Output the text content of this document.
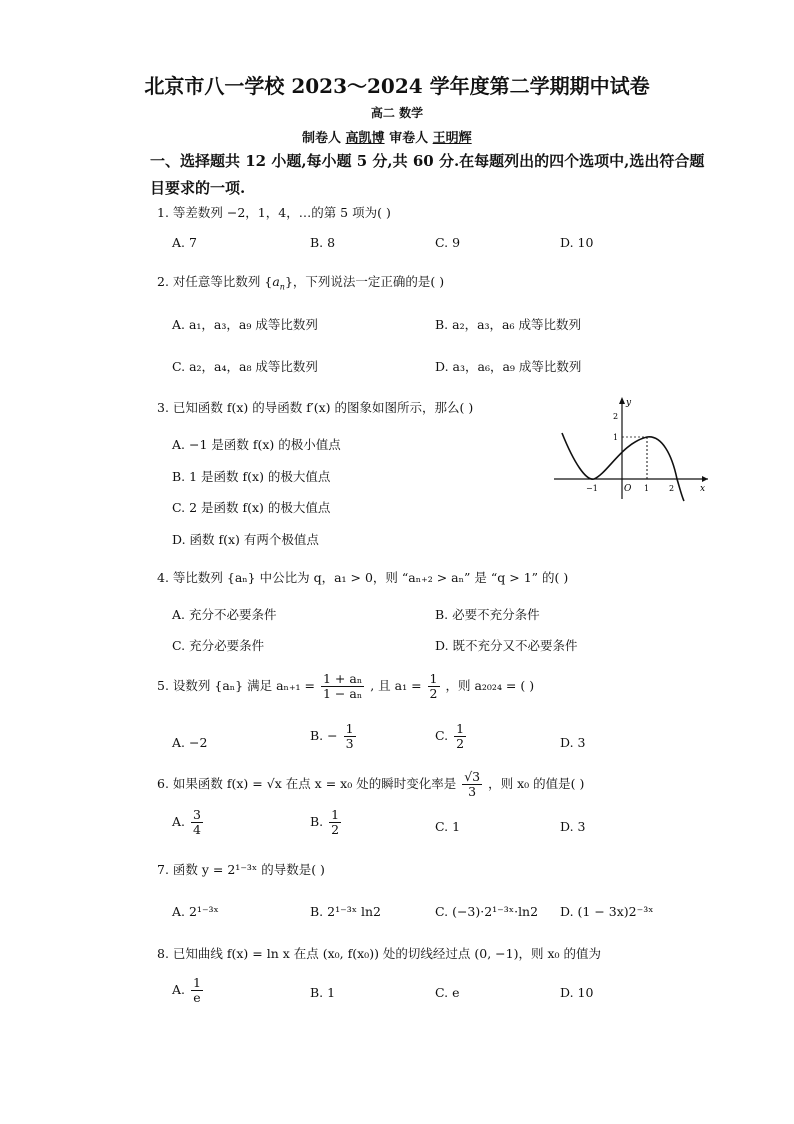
北京市八一学校 2023～2024 学年度第二学期期中试卷
高二 数学
制卷人 高凯博 审卷人 王明辉
一、选择题共 12 小题,每小题 5 分,共 60 分.在每题列出的四个选项中,选出符合题目要求的一项.
1. 等差数列 −2，1，4，…的第 5 项为( )
A. 7	B. 8	C. 9	D. 10
2. 对任意等比数列 $\{a_n\}$，下列说法一定正确的是( )
A. a₁，a₃，a₉ 成等比数列	B. a₂，a₃，a₆ 成等比数列
C. a₂，a₄，a₈ 成等比数列	D. a₃，a₆，a₉ 成等比数列
3. 已知函数 f(x) 的导函数 f′(x) 的图象如图所示，那么( )
A. −1 是函数 f(x) 的极小值点
B. 1 是函数 f(x) 的极大值点
C. 2 是函数 f(x) 的极大值点
D. 函数 f(x) 有两个极值点
y
x
O
−1	1 2
1
2
4. 等比数列 {aₙ} 中公比为 q，a₁ > 0，则 “aₙ₊₂ > aₙ” 是 “q > 1” 的( )
A. 充分不必要条件	B. 必要不充分条件
C. 充分必要条件	D. 既不充分又不必要条件
5. 设数列 {aₙ} 满足 $a_{n+1} = \frac{\text{1 + aₙ}}{\text{1 − aₙ}}$ , 且 $a_1 = \frac{1}{2}$ ，则 a₂₀₂₄ = ( )
A. −2	B. − $\frac{1}{3}$	C. $\frac{1}{2}$	D. 3
6. 如果函数 f(x) = √x 在点 x = x₀ 处的瞬时变化率是 $\frac{√3}{3}$ ，则 x₀ 的值是( )
A. $\frac{3}{4}$	B. $\frac{1}{2}$	C. 1	D. 3
7. 函数 y = 2¹⁻³ˣ 的导数是( )
A. 2¹⁻³ˣ	B. 2¹⁻³ˣ ln2	C. (−3)·2¹⁻³ˣ·ln2 D. (1 − 3x)2⁻³ˣ
8. 已知曲线 f(x) = ln x 在点 (x₀, f(x₀)) 处的切线经过点 (0, −1)，则 x₀ 的值为
A. $\frac{1}{e}$	B. 1	C. e	D. 10
